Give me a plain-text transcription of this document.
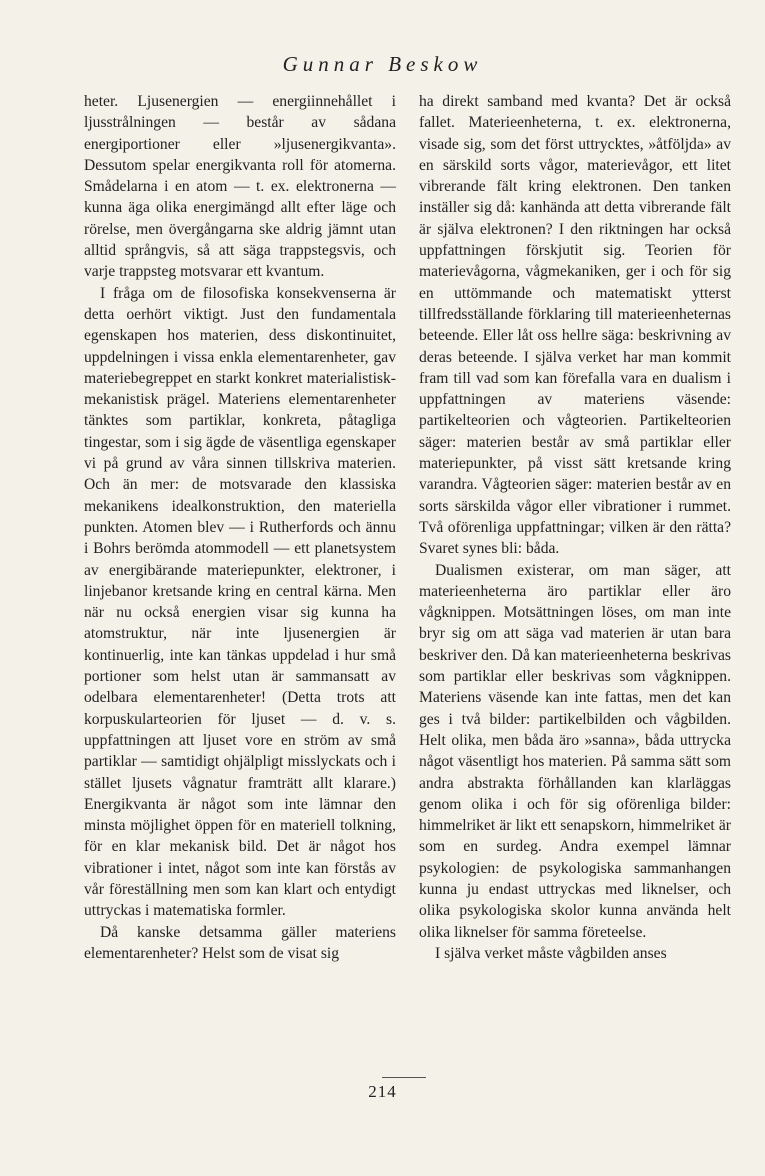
Gunnar Beskow

heter. Ljusenergien — energiinnehållet i ljusstrålningen — består av sådana energiportioner eller »ljusenergikvanta». Dessutom spelar energikvanta roll för atomerna. Smådelarna i en atom — t. ex. elektronerna — kunna äga olika energimängd allt efter läge och rörelse, men övergångarna ske aldrig jämnt utan alltid språngvis, så att säga trappstegsvis, och varje trappsteg motsvarar ett kvantum.

I fråga om de filosofiska konsekvenserna är detta oerhört viktigt. Just den fundamentala egenskapen hos materien, dess diskontinuitet, uppdelningen i vissa enkla elementarenheter, gav materiebegreppet en starkt konkret materialistisk-mekanistisk prägel. Materiens elementarenheter tänktes som partiklar, konkreta, påtagliga tingestar, som i sig ägde de väsentliga egenskaper vi på grund av våra sinnen tillskriva materien. Och än mer: de motsvarade den klassiska mekanikens idealkonstruktion, den materiella punkten. Atomen blev — i Rutherfords och ännu i Bohrs berömda atommodell — ett planetsystem av energibärande materiepunkter, elektroner, i linjebanor kretsande kring en central kärna. Men när nu också energien visar sig kunna ha atomstruktur, när inte ljusenergien är kontinuerlig, inte kan tänkas uppdelad i hur små portioner som helst utan är sammansatt av odelbara elementarenheter! (Detta trots att korpuskularteorien för ljuset — d. v. s. uppfattningen att ljuset vore en ström av små partiklar — samtidigt ohjälpligt misslyckats och i stället ljusets vågnatur framträtt allt klarare.) Energikvanta är något som inte lämnar den minsta möjlighet öppen för en materiell tolkning, för en klar mekanisk bild. Det är något hos vibrationer i intet, något som inte kan förstås av vår föreställning men som kan klart och entydigt uttryckas i matematiska formler.

Då kanske detsamma gäller materiens elementarenheter? Helst som de visat sig

ha direkt samband med kvanta? Det är också fallet. Materieenheterna, t. ex. elektronerna, visade sig, som det först uttrycktes, »åtföljda» av en särskild sorts vågor, materievågor, ett litet vibrerande fält kring elektronen. Den tanken inställer sig då: kanhända att detta vibrerande fält är själva elektronen? I den riktningen har också uppfattningen förskjutit sig. Teorien för materievågorna, vågmekaniken, ger i och för sig en uttömmande och matematiskt ytterst tillfredsställande förklaring till materieenheternas beteende. Eller låt oss hellre säga: beskrivning av deras beteende. I själva verket har man kommit fram till vad som kan förefalla vara en dualism i uppfattningen av materiens väsende: partikelteorien och vågteorien. Partikelteorien säger: materien består av små partiklar eller materiepunkter, på visst sätt kretsande kring varandra. Vågteorien säger: materien består av en sorts särskilda vågor eller vibrationer i rummet. Två oförenliga uppfattningar; vilken är den rätta? Svaret synes bli: båda.

Dualismen existerar, om man säger, att materieenheterna äro partiklar eller äro vågknippen. Motsättningen löses, om man inte bryr sig om att säga vad materien är utan bara beskriver den. Då kan materieenheterna beskrivas som partiklar eller beskrivas som vågknippen. Materiens väsende kan inte fattas, men det kan ges i två bilder: partikelbilden och vågbilden. Helt olika, men båda äro »sanna», båda uttrycka något väsentligt hos materien. På samma sätt som andra abstrakta förhållanden kan klarläggas genom olika i och för sig oförenliga bilder: himmelriket är likt ett senapskorn, himmelriket är som en surdeg. Andra exempel lämnar psykologien: de psykologiska sammanhangen kunna ju endast uttryckas med liknelser, och olika psykologiska skolor kunna använda helt olika liknelser för samma företeelse.

I själva verket måste vågbilden anses

214
